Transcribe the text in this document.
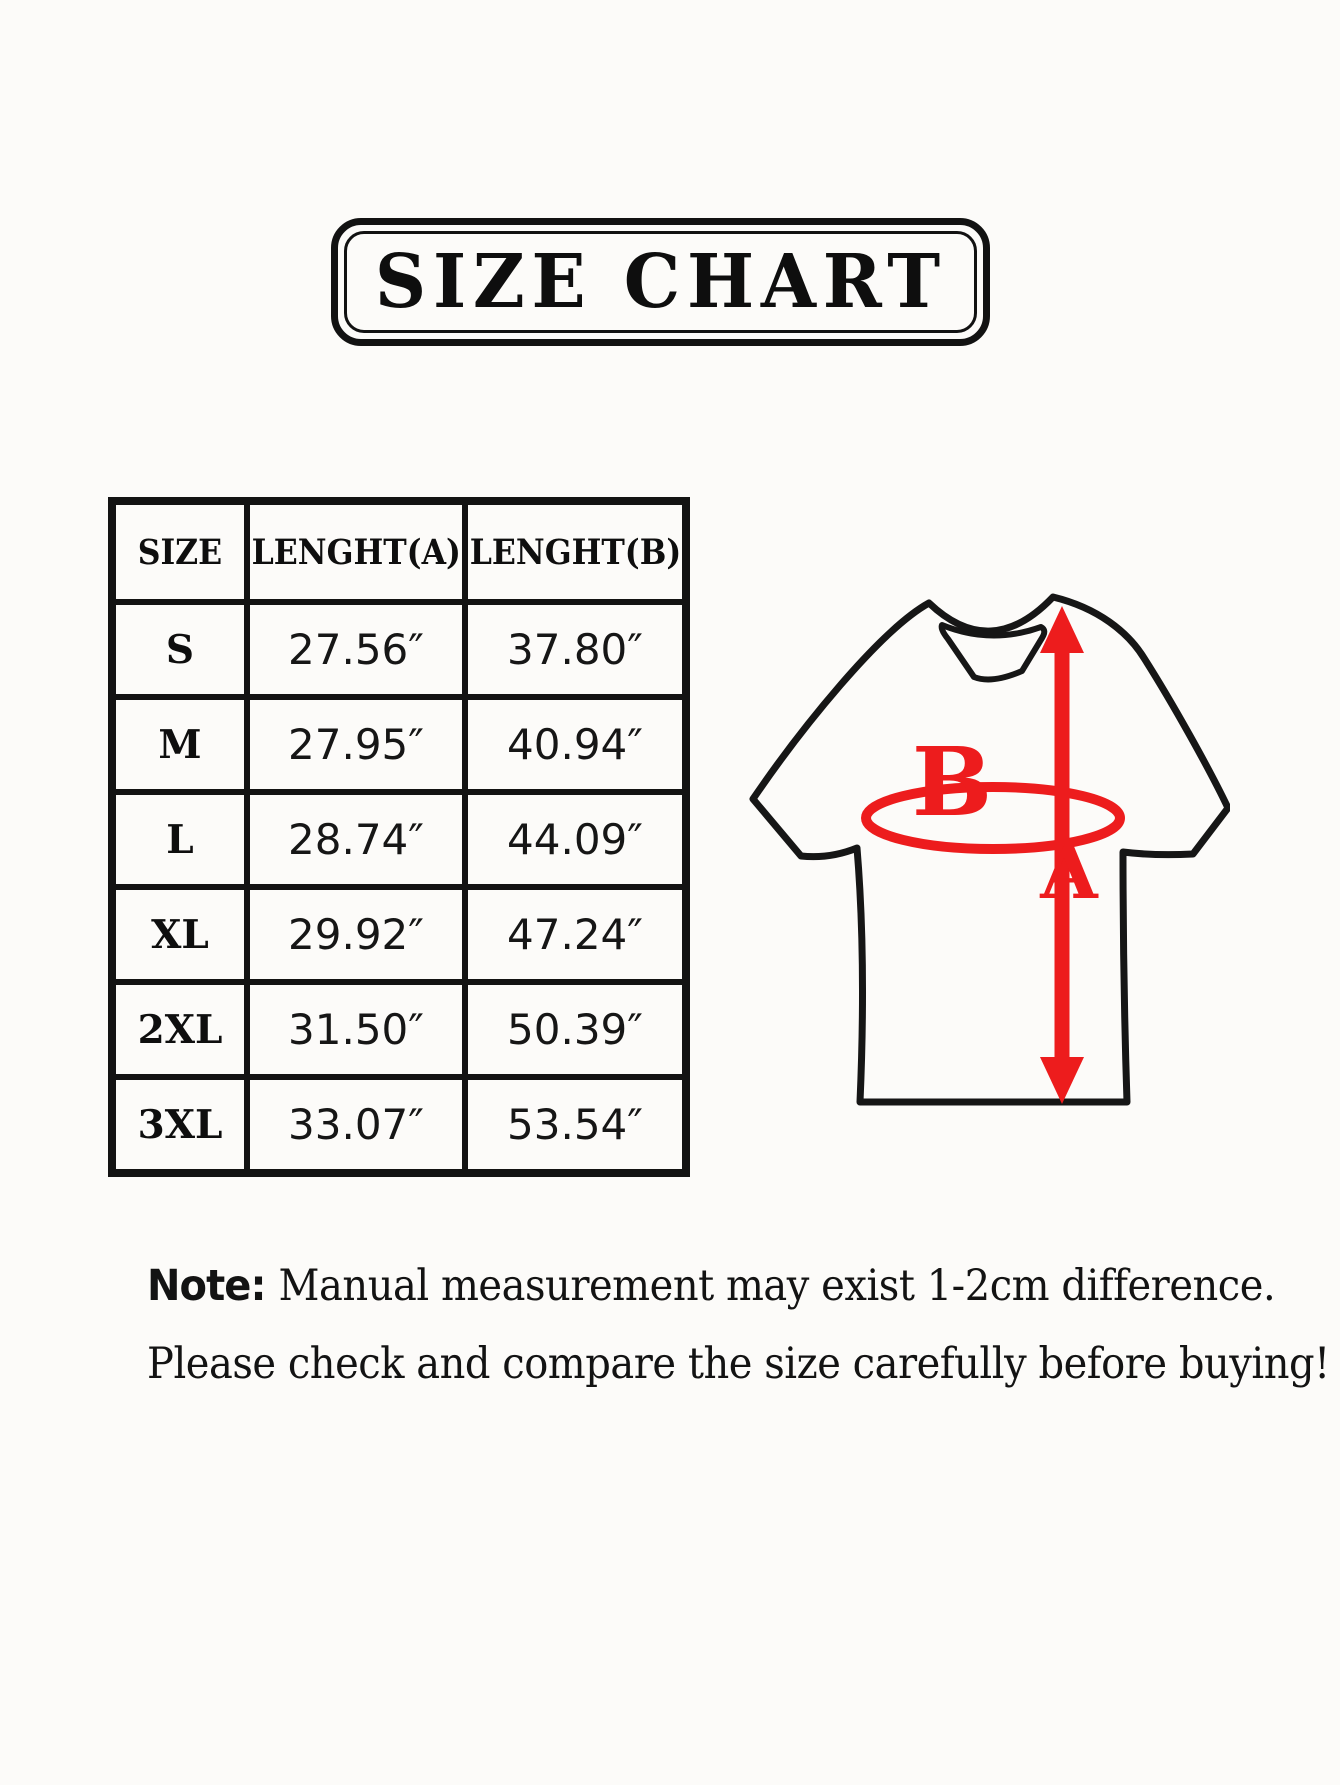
SIZE CHART
SIZE LENGHT(A) LENGHT(B)
S	27.56″	37.80″
M	27.95″	40.94″
L	28.74″	44.09″
XL	29.92″	47.24″
2XL	31.50″	50.39″
3XL	33.07″	53.54″
B
A
Note: Manual measurement may exist 1-2cm difference.
Please check and compare the size carefully before buying!
